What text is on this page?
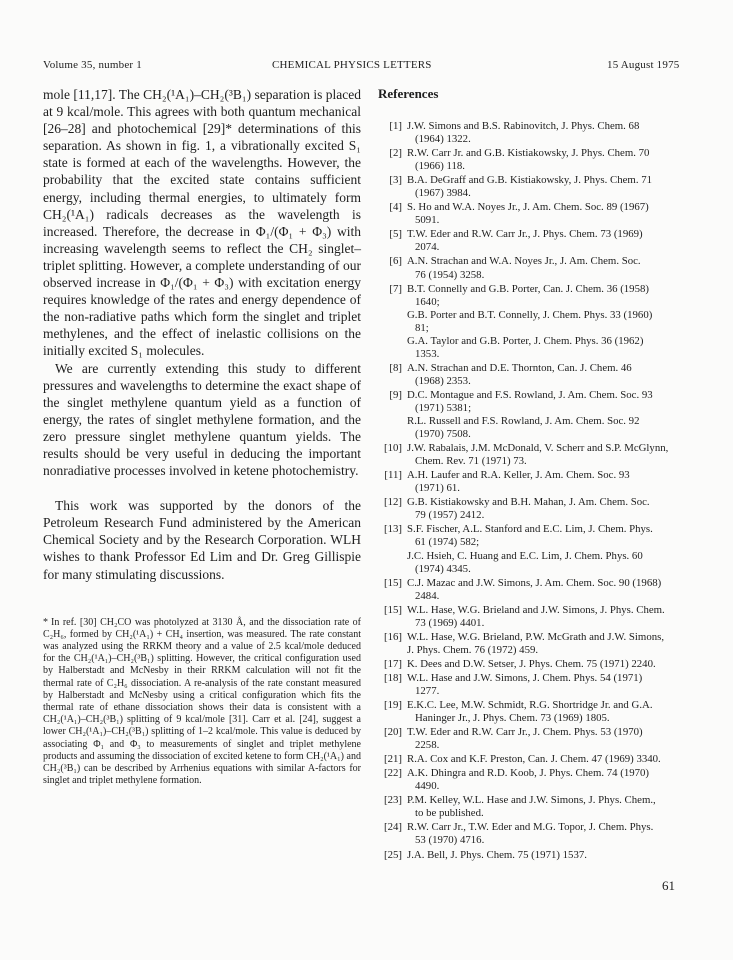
Volume 35, number 1	CHEMICAL PHYSICS LETTERS	15 August 1975

mole [11,17]. The CH₂(¹A₁)–CH₂(³B₁) separation is placed at 9 kcal/mole. This agrees with both quantum mechanical [26–28] and photochemical [29]* determinations of this separation. As shown in fig. 1, a vibrationally excited S₁ state is formed at each of the wavelengths. However, the probability that the excited state contains sufficient energy, including thermal energies, to ultimately form CH₂(¹A₁) radicals decreases as the wavelength is increased. Therefore, the decrease in Φ₁/(Φ₁ + Φ₃) with increasing wavelength seems to reflect the CH₂ singlet–triplet splitting. However, a complete understanding of our observed increase in Φ₁/(Φ₁ + Φ₃) with excitation energy requires knowledge of the rates and energy dependence of the non-radiative paths which form the singlet and triplet methylenes, and the effect of inelastic collisions on the initially excited S₁ molecules.

We are currently extending this study to different pressures and wavelengths to determine the exact shape of the singlet methylene quantum yield as a function of energy, the rates of singlet methylene formation, and the zero pressure singlet methylene quantum yields. The results should be very useful in deducing the important nonradiative processes involved in ketene photochemistry.

This work was supported by the donors of the Petroleum Research Fund administered by the American Chemical Society and by the Research Corporation. WLH wishes to thank Professor Ed Lim and Dr. Greg Gillispie for many stimulating discussions.

* In ref. [30] CH₂CO was photolyzed at 3130 Å, and the dissociation rate of C₂H₆, formed by CH₂(¹A₁) + CH₄ insertion, was measured. The rate constant was analyzed using the RRKM theory and a value of 2.5 kcal/mole deduced for the CH₂(¹A₁)–CH₂(³B₁) splitting. However, the critical configuration used by Halberstadt and McNesby in their RRKM calculation will not fit the thermal rate of C₂H₆ dissociation. A re-analysis of the rate constant measured by Halberstadt and McNesby using a critical configuration which fits the thermal rate of ethane dissociation shows their data is consistent with a CH₂(¹A₁)–CH₂(³B₁) splitting of 9 kcal/mole [31]. Carr et al. [24], suggest a lower CH₂(¹A₁)–CH₂(³B₁) splitting of 1–2 kcal/mole. This value is deduced by associating Φ₁ and Φ₃ to measurements of singlet and triplet methylene products and assuming the dissociation of excited ketene to form CH₂(¹A₁) and CH₂(³B₁) can be described by Arrhenius equations with similar A-factors for singlet and triplet methylene formation.
References
[1] J.W. Simons and B.S. Rabinovitch, J. Phys. Chem. 68
(1964) 1322.
[2] R.W. Carr Jr. and G.B. Kistiakowsky, J. Phys. Chem. 70
(1966) 118.
[3] B.A. DeGraff and G.B. Kistiakowsky, J. Phys. Chem. 71
(1967) 3984.
[4] S. Ho and W.A. Noyes Jr., J. Am. Chem. Soc. 89 (1967)
5091.
[5] T.W. Eder and R.W. Carr Jr., J. Phys. Chem. 73 (1969)
2074.
[6] A.N. Strachan and W.A. Noyes Jr., J. Am. Chem. Soc.
76 (1954) 3258.
[7] B.T. Connelly and G.B. Porter, Can. J. Chem. 36 (1958)
1640;
G.B. Porter and B.T. Connelly, J. Chem. Phys. 33 (1960)
81;
G.A. Taylor and G.B. Porter, J. Chem. Phys. 36 (1962)
1353.
[8] A.N. Strachan and D.E. Thornton, Can. J. Chem. 46
(1968) 2353.
[9] D.C. Montague and F.S. Rowland, J. Am. Chem. Soc. 93
(1971) 5381;
R.L. Russell and F.S. Rowland, J. Am. Chem. Soc. 92
(1970) 7508.
[10] J.W. Rabalais, J.M. McDonald, V. Scherr and S.P. McGlynn,
Chem. Rev. 71 (1971) 73.
[11] A.H. Laufer and R.A. Keller, J. Am. Chem. Soc. 93
(1971) 61.
[12] G.B. Kistiakowsky and B.H. Mahan, J. Am. Chem. Soc.
79 (1957) 2412.
[13] S.F. Fischer, A.L. Stanford and E.C. Lim, J. Chem. Phys.
61 (1974) 582;
J.C. Hsieh, C. Huang and E.C. Lim, J. Chem. Phys. 60
(1974) 4345.
[15] C.J. Mazac and J.W. Simons, J. Am. Chem. Soc. 90 (1968)
2484.
[15] W.L. Hase, W.G. Brieland and J.W. Simons, J. Phys. Chem.
73 (1969) 4401.
[16] W.L. Hase, W.G. Brieland, P.W. McGrath and J.W. Simons,
J. Phys. Chem. 76 (1972) 459.
[17] K. Dees and D.W. Setser, J. Phys. Chem. 75 (1971) 2240.
[18] W.L. Hase and J.W. Simons, J. Chem. Phys. 54 (1971)
1277.
[19] E.K.C. Lee, M.W. Schmidt, R.G. Shortridge Jr. and G.A.
Haninger Jr., J. Phys. Chem. 73 (1969) 1805.
[20] T.W. Eder and R.W. Carr Jr., J. Chem. Phys. 53 (1970)
2258.
[21] R.A. Cox and K.F. Preston, Can. J. Chem. 47 (1969) 3340.
[22] A.K. Dhingra and R.D. Koob, J. Phys. Chem. 74 (1970)
4490.
[23] P.M. Kelley, W.L. Hase and J.W. Simons, J. Phys. Chem.,
to be published.
[24] R.W. Carr Jr., T.W. Eder and M.G. Topor, J. Chem. Phys.
53 (1970) 4716.
[25] J.A. Bell, J. Phys. Chem. 75 (1971) 1537.
61
